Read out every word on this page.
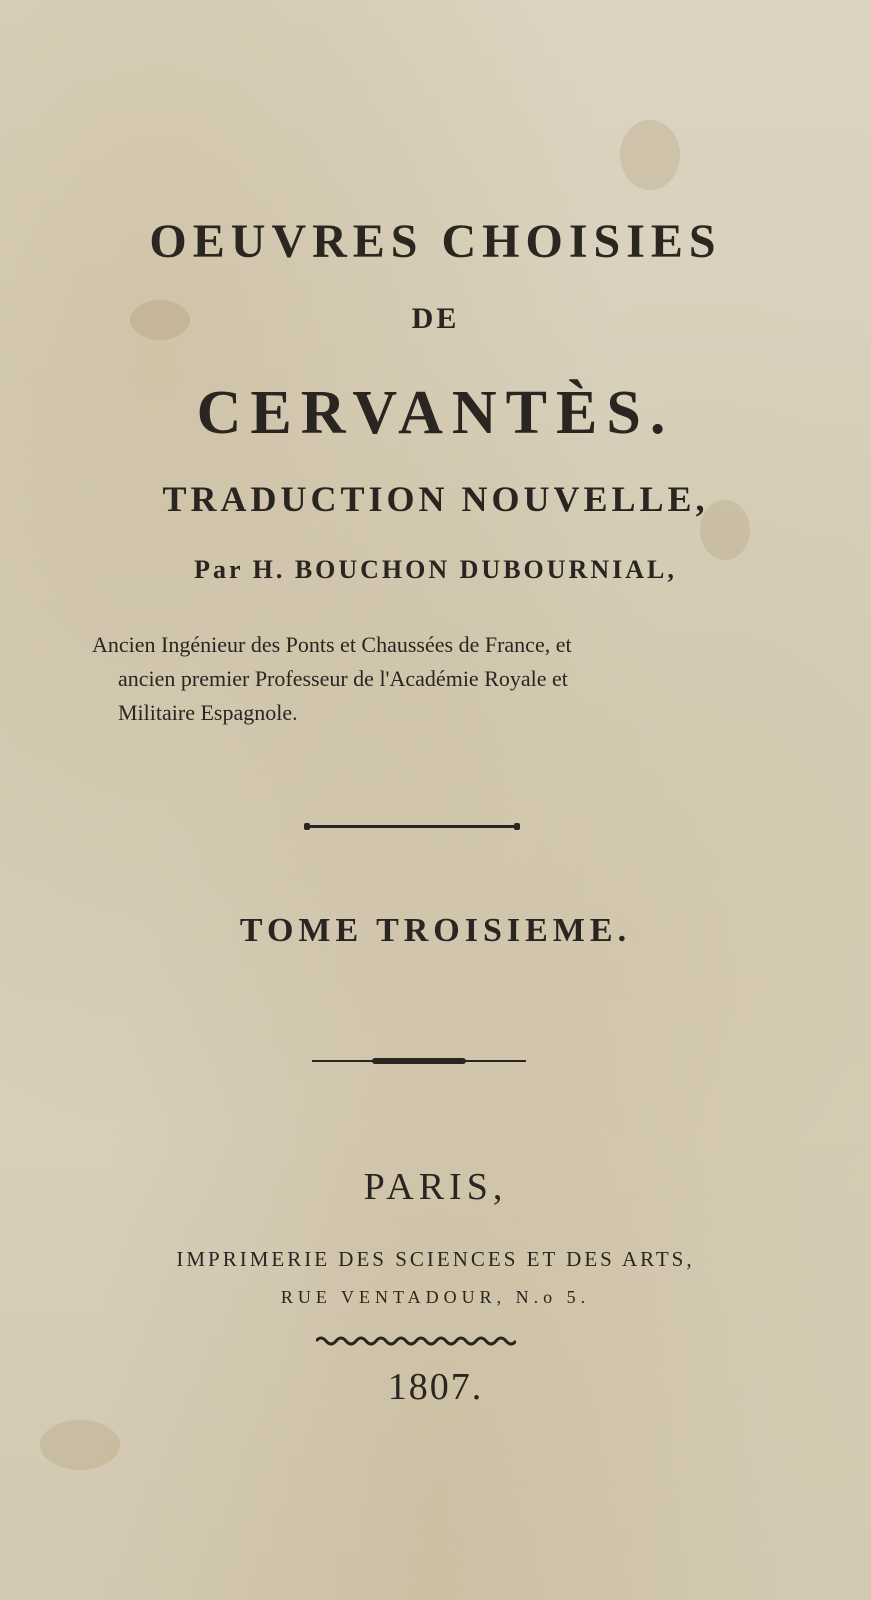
OEUVRES CHOISIES
DE
CERVANTÈS.
TRADUCTION NOUVELLE,
Par H. BOUCHON DUBOURNIAL,
Ancien Ingénieur des Ponts et Chaussées de France, et
ancien premier Professeur de l'Académie Royale et
Militaire Espagnole.
TOME TROISIEME.
PARIS,
IMPRIMERIE DES SCIENCES ET DES ARTS,
RUE VENTADOUR, N.o 5.
1807.
